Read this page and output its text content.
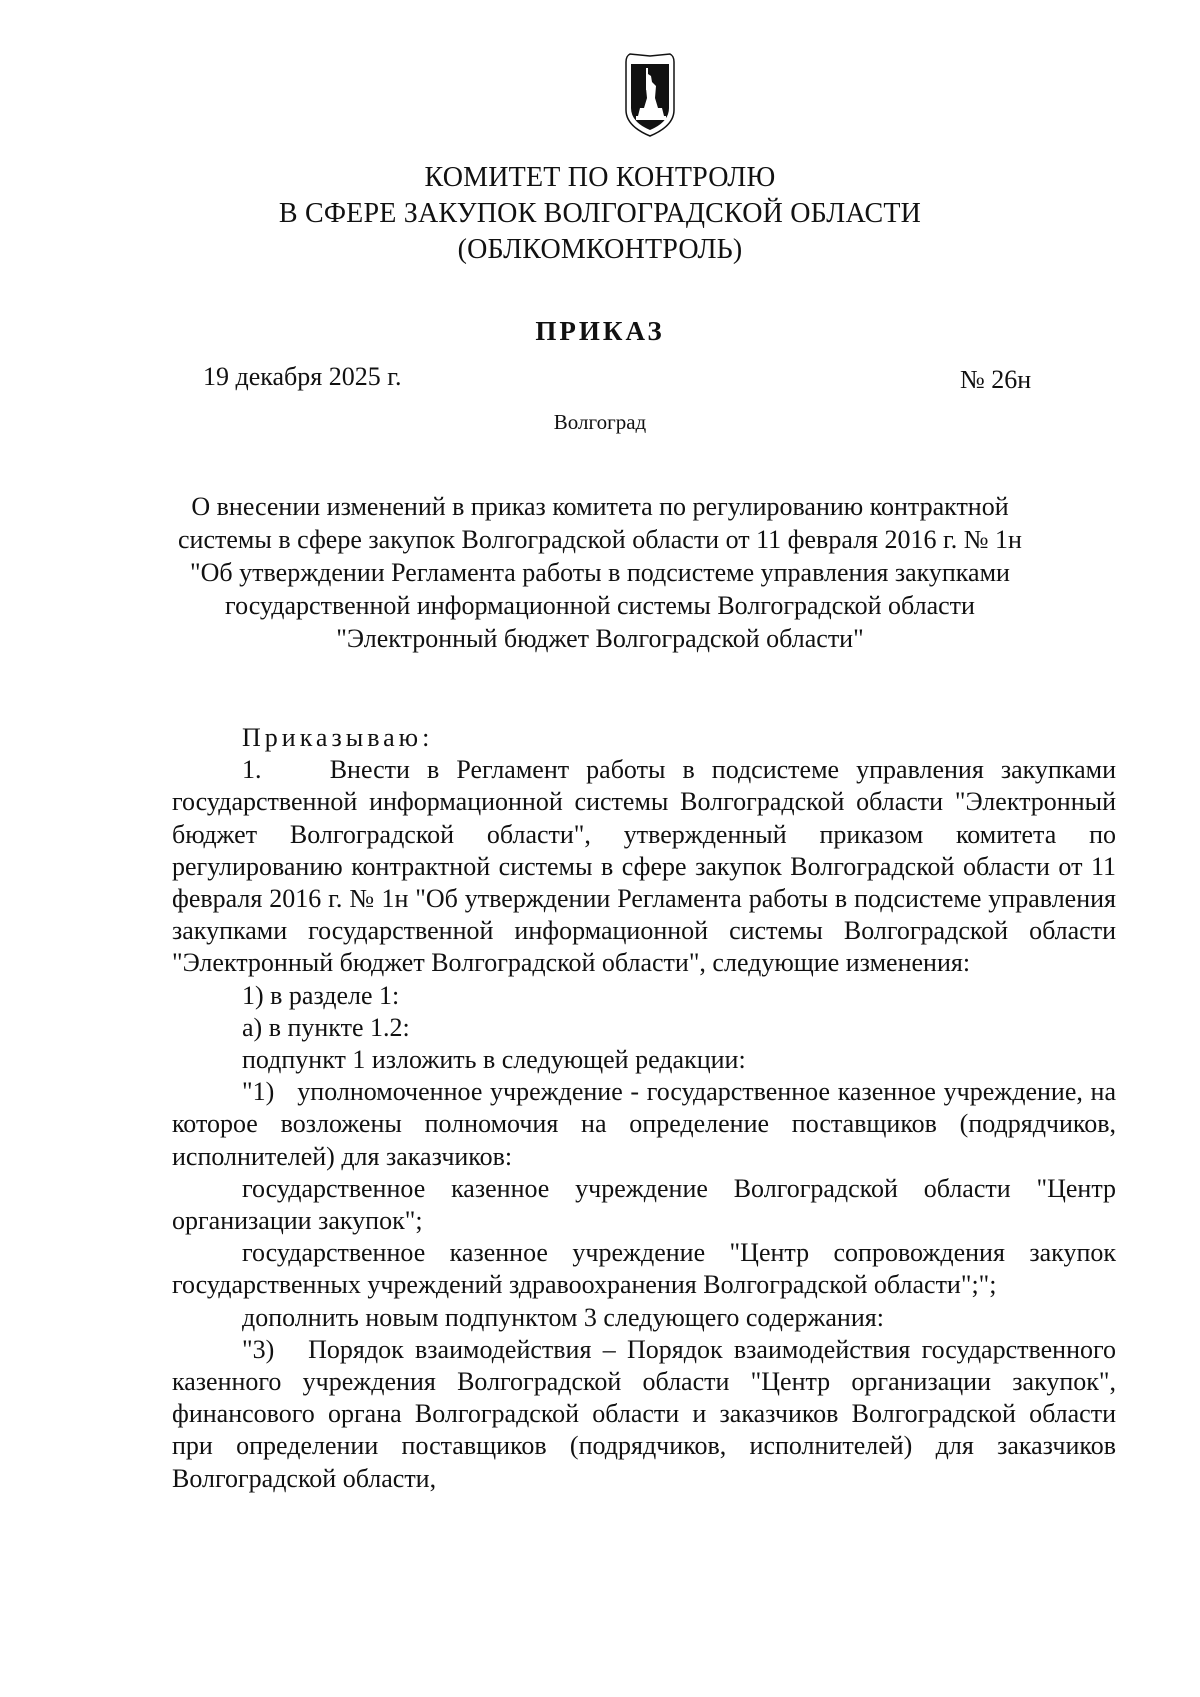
КОМИТЕТ ПО КОНТРОЛЮ
В СФЕРЕ ЗАКУПОК ВОЛГОГРАДСКОЙ ОБЛАСТИ
(ОБЛКОМКОНТРОЛЬ)
ПРИКАЗ
19 декабря 2025 г.	№ 26н
Волгоград
О внесении изменений в приказ комитета по регулированию контрактной
системы в сфере закупок Волгоградской области от 11 февраля 2016 г. № 1н
"Об утверждении Регламента работы в подсистеме управления закупками
государственной информационной системы Волгоградской области
"Электронный бюджет Волгоградской области"

Приказываю:

1.    Внести в Регламент работы в подсистеме управления закупками государственной информационной системы Волгоградской области "Электронный бюджет Волгоградской области", утвержденный приказом комитета по регулированию контрактной системы в сфере закупок Волгоградской области от 11 февраля 2016 г. № 1н "Об утверждении Регламента работы в подсистеме управления закупками государственной информационной системы Волгоградской области "Электронный бюджет Волгоградской области", следующие изменения:

1) в разделе 1:

а) в пункте 1.2:

подпункт 1 изложить в следующей редакции:

"1)   уполномоченное учреждение - государственное казенное учреждение, на которое возложены полномочия на определение поставщиков (подрядчиков, исполнителей) для заказчиков:

государственное казенное учреждение Волгоградской области "Центр организации закупок";

государственное казенное учреждение "Центр сопровождения закупок государственных учреждений здравоохранения Волгоградской области";";

дополнить новым подпунктом 3 следующего содержания:

"3)   Порядок взаимодействия – Порядок взаимодействия государственного казенного учреждения Волгоградской области "Центр организации закупок", финансового органа Волгоградской области и заказчиков Волгоградской области при определении поставщиков (подрядчиков, исполнителей) для заказчиков Волгоградской области,
